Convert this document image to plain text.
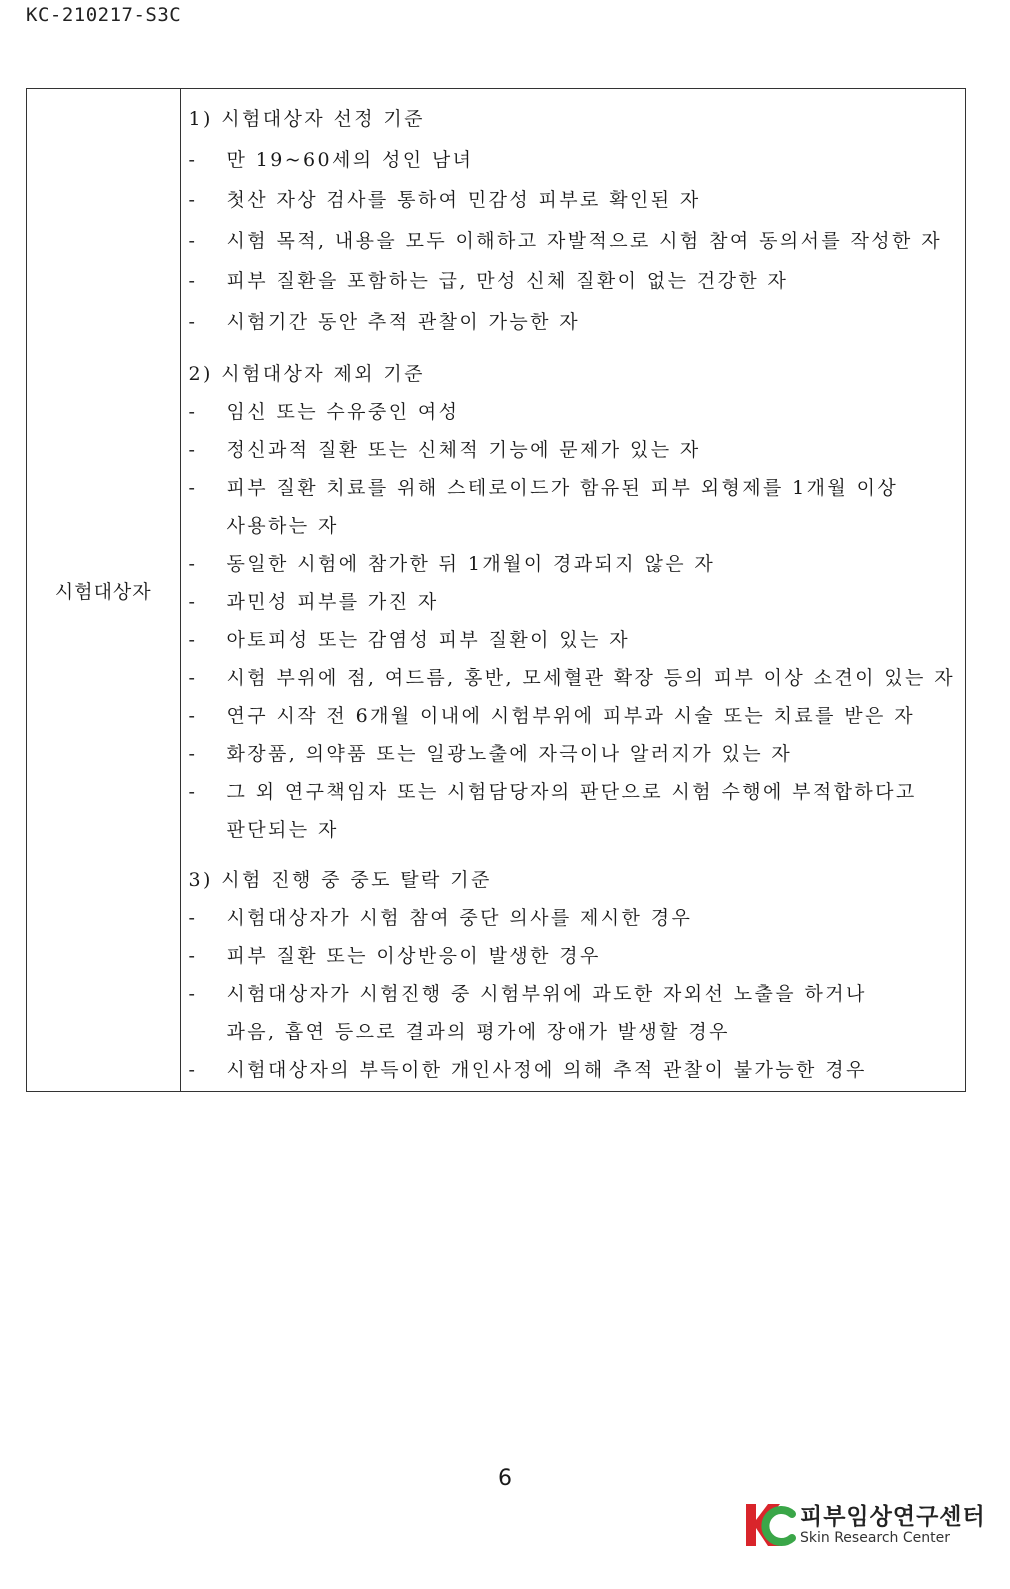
KC-210217-S3C
시험대상자
1) 시험대상자 선정 기준
-	만 19~60세의 성인 남녀
-	첫산 자상 검사를 통하여 민감성 피부로 확인된 자
-	시험 목적, 내용을 모두 이해하고 자발적으로 시험 참여 동의서를 작성한 자
-	피부 질환을 포함하는 급, 만성 신체 질환이 없는 건강한 자
-	시험기간 동안 추적 관찰이 가능한 자
2) 시험대상자 제외 기준
-	임신 또는 수유중인 여성
-	정신과적 질환 또는 신체적 기능에 문제가 있는 자
-	피부 질환 치료를 위해 스테로이드가 함유된 피부 외형제를 1개월 이상
사용하는 자
-	동일한 시험에 참가한 뒤 1개월이 경과되지 않은 자
-	과민성 피부를 가진 자
-	아토피성 또는 감염성 피부 질환이 있는 자
-	시험 부위에 점, 여드름, 홍반, 모세혈관 확장 등의 피부 이상 소견이 있는 자
-	연구 시작 전 6개월 이내에 시험부위에 피부과 시술 또는 치료를 받은 자
-	화장품, 의약품 또는 일광노출에 자극이나 알러지가 있는 자
-	그 외 연구책임자 또는 시험담당자의 판단으로 시험 수행에 부적합하다고
판단되는 자
3) 시험 진행 중 중도 탈락 기준
-	시험대상자가 시험 참여 중단 의사를 제시한 경우
-	피부 질환 또는 이상반응이 발생한 경우
-	시험대상자가 시험진행 중 시험부위에 과도한 자외선 노출을 하거나
과음, 흡연 등으로 결과의 평가에 장애가 발생할 경우
-	시험대상자의 부득이한 개인사정에 의해 추적 관찰이 불가능한 경우
6
피부임상연구센터
Skin Research Center
